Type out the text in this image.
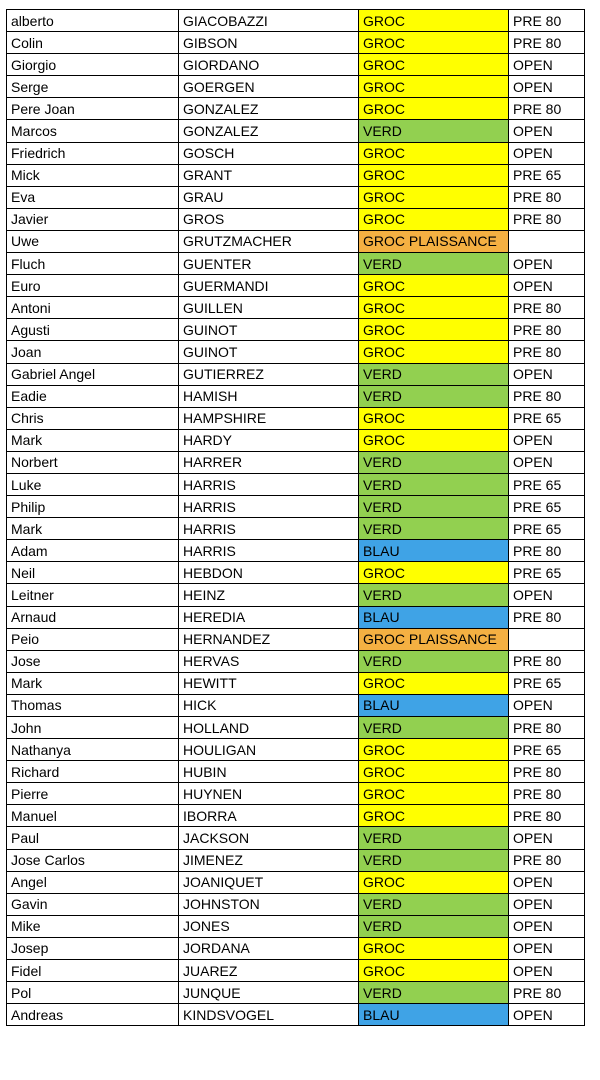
alberto	GIACOBAZZI	GROC	PRE 80
Colin	GIBSON	GROC	PRE 80
Giorgio	GIORDANO	GROC	OPEN
Serge	GOERGEN	GROC	OPEN
Pere Joan	GONZALEZ	GROC	PRE 80
Marcos	GONZALEZ	VERD	OPEN
Friedrich	GOSCH	GROC	OPEN
Mick	GRANT	GROC	PRE 65
Eva	GRAU	GROC	PRE 80
Javier	GROS	GROC	PRE 80
Uwe	GRUTZMACHER	GROC PLAISSANCE	
Fluch	GUENTER	VERD	OPEN
Euro	GUERMANDI	GROC	OPEN
Antoni	GUILLEN	GROC	PRE 80
Agusti	GUINOT	GROC	PRE 80
Joan	GUINOT	GROC	PRE 80
Gabriel Angel	GUTIERREZ	VERD	OPEN
Eadie	HAMISH	VERD	PRE 80
Chris	HAMPSHIRE	GROC	PRE 65
Mark	HARDY	GROC	OPEN
Norbert	HARRER	VERD	OPEN
Luke	HARRIS	VERD	PRE 65
Philip	HARRIS	VERD	PRE 65
Mark	HARRIS	VERD	PRE 65
Adam	HARRIS	BLAU	PRE 80
Neil	HEBDON	GROC	PRE 65
Leitner	HEINZ	VERD	OPEN
Arnaud	HEREDIA	BLAU	PRE 80
Peio	HERNANDEZ	GROC PLAISSANCE	
Jose	HERVAS	VERD	PRE 80
Mark	HEWITT	GROC	PRE 65
Thomas	HICK	BLAU	OPEN
John	HOLLAND	VERD	PRE 80
Nathanya	HOULIGAN	GROC	PRE 65
Richard	HUBIN	GROC	PRE 80
Pierre	HUYNEN	GROC	PRE 80
Manuel	IBORRA	GROC	PRE 80
Paul	JACKSON	VERD	OPEN
Jose Carlos	JIMENEZ	VERD	PRE 80
Angel	JOANIQUET	GROC	OPEN
Gavin	JOHNSTON	VERD	OPEN
Mike	JONES	VERD	OPEN
Josep	JORDANA	GROC	OPEN
Fidel	JUAREZ	GROC	OPEN
Pol	JUNQUE	VERD	PRE 80
Andreas	KINDSVOGEL	BLAU	OPEN
